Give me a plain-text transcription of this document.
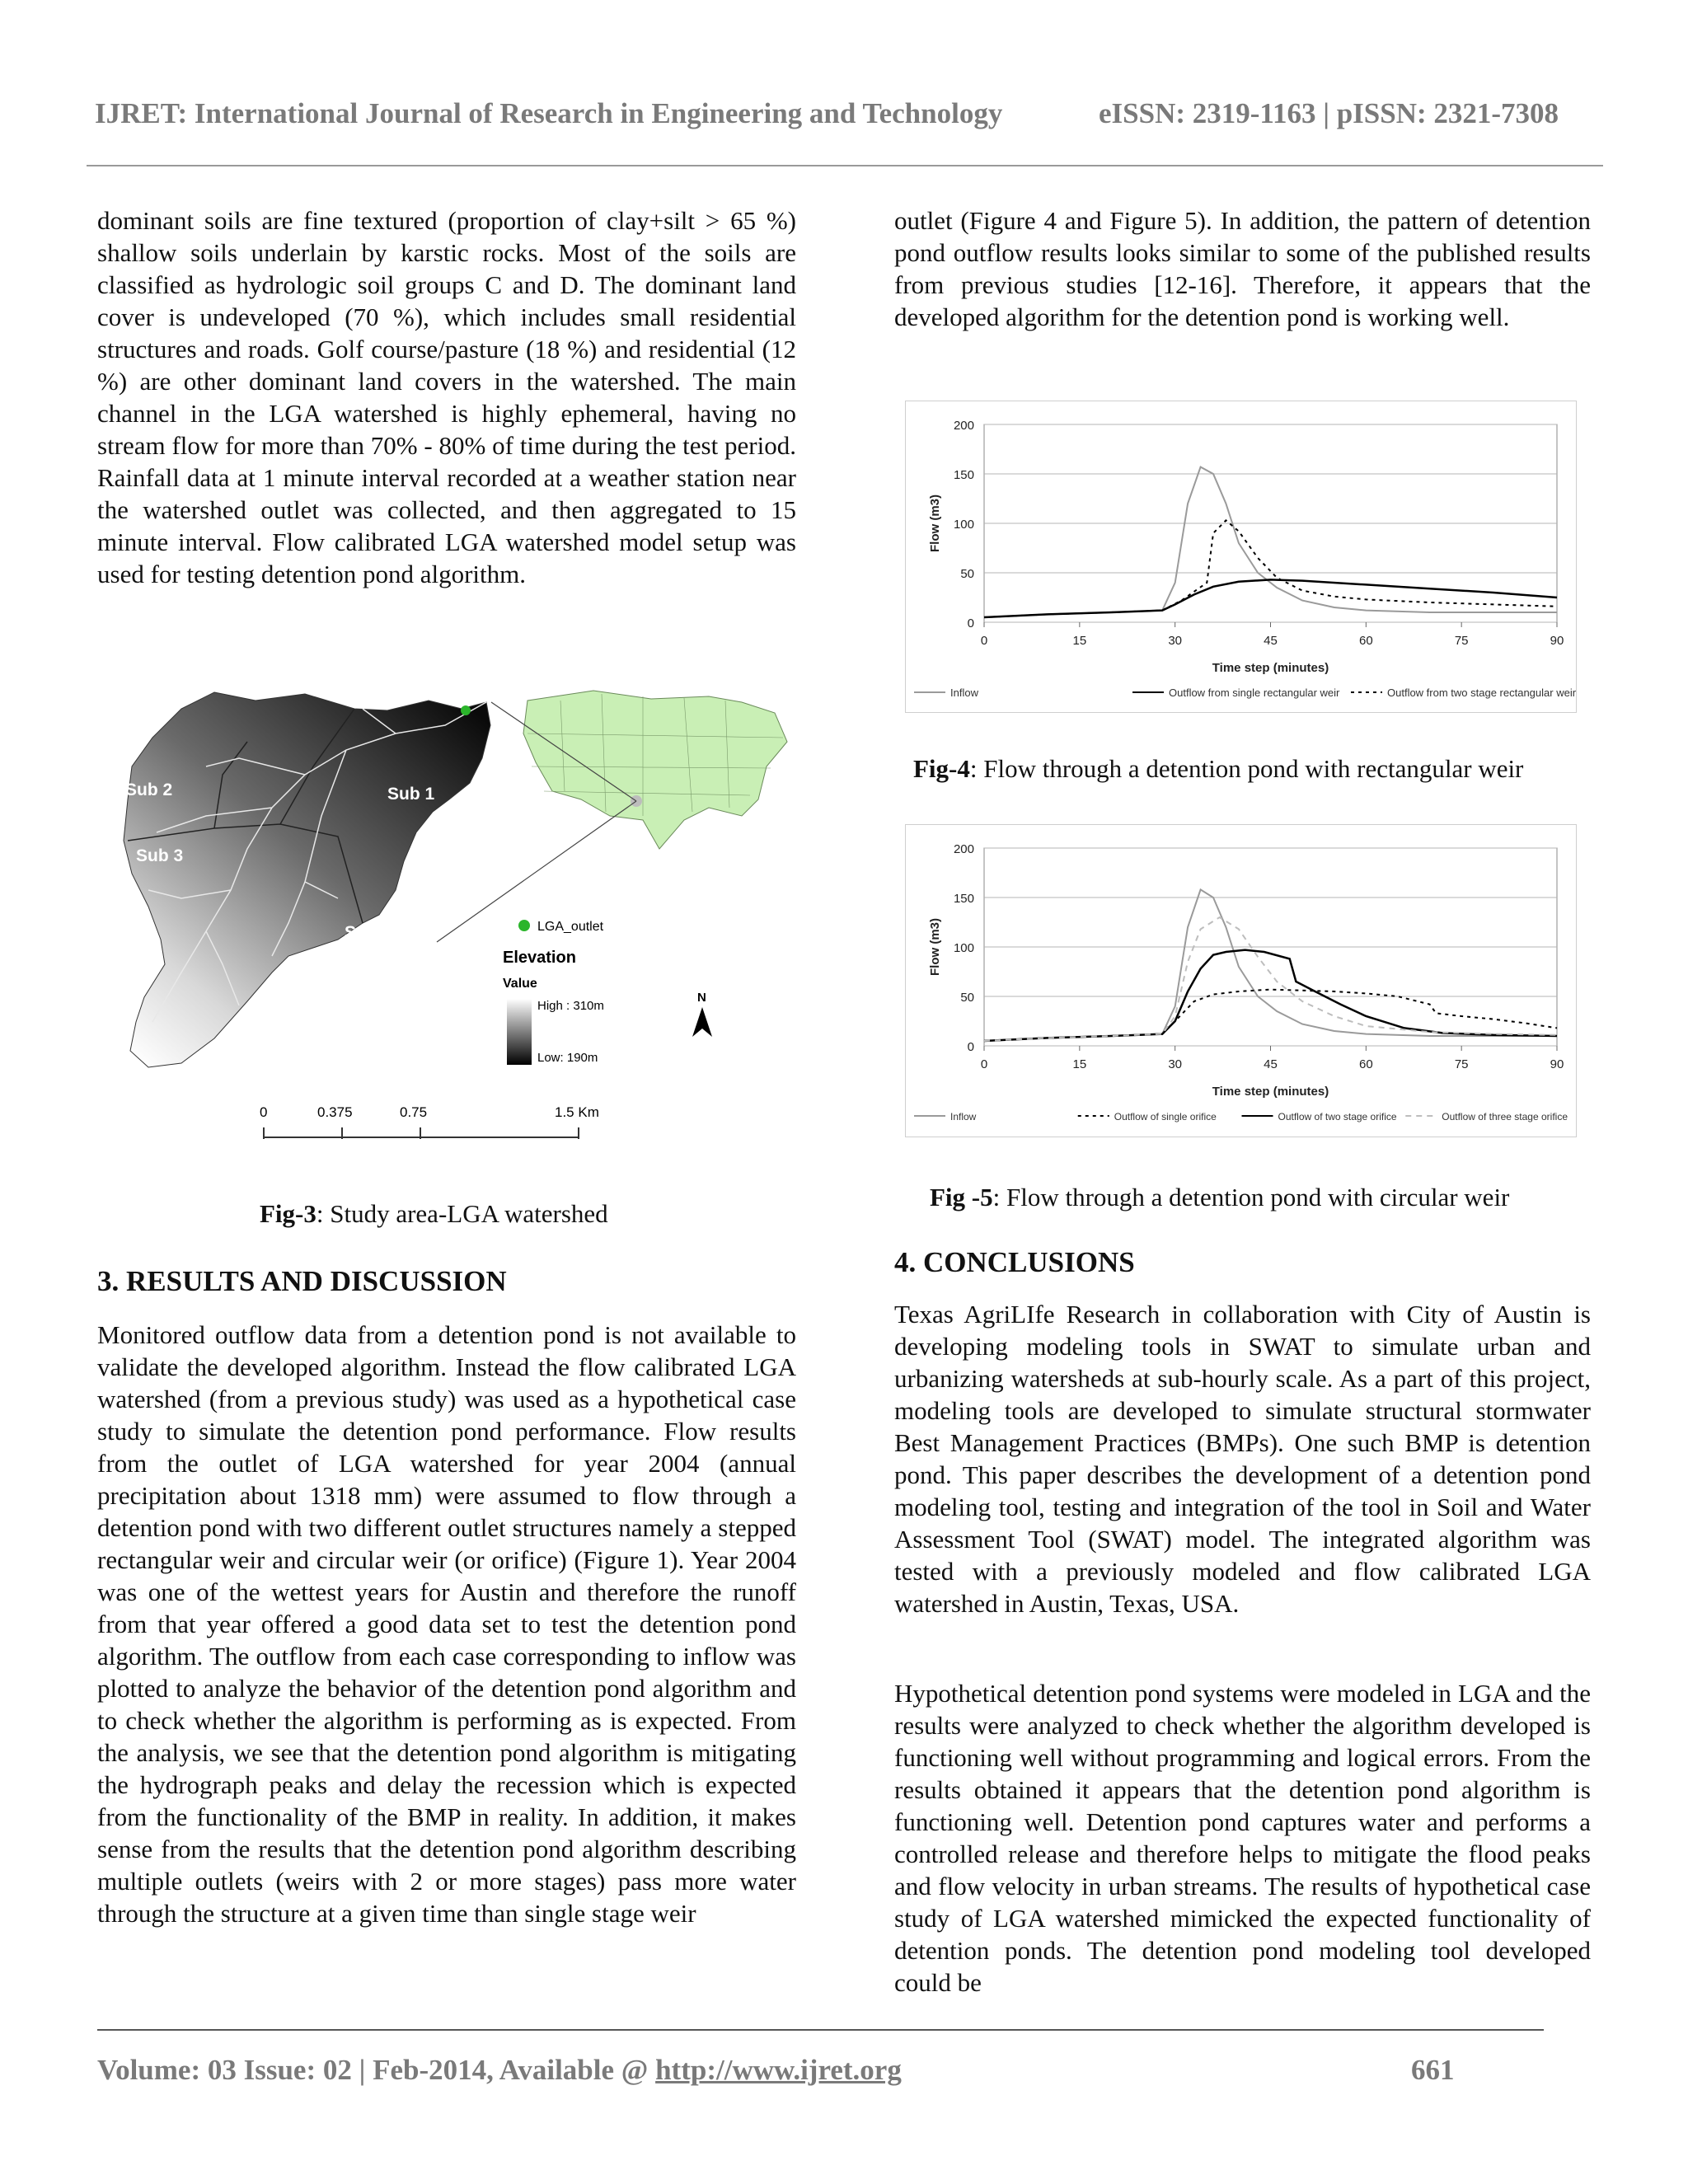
IJRET: International Journal of Research in Engineering and Technology	eISSN: 2319-1163 | pISSN: 2321-7308

dominant soils are fine textured (proportion of clay+silt > 65 %) shallow soils underlain by karstic rocks. Most of the soils are classified as hydrologic soil groups C and D. The dominant land cover is undeveloped (70 %), which includes small residential structures and roads. Golf course/pasture (18 %) and residential (12 %) are other dominant land covers in the watershed. The main channel in the LGA watershed is highly ephemeral, having no stream flow for more than 70% - 80% of time during the test period. Rainfall data at 1 minute interval recorded at a weather station near the watershed outlet was collected, and then aggregated to 15 minute interval. Flow calibrated LGA watershed model setup was used for testing detention pond algorithm.

outlet (Figure 4 and Figure 5). In addition, the pattern of detention pond outflow results looks similar to some of the published results from previous studies [12-16]. Therefore, it appears that the developed algorithm for the detention pond is working well.

Sub 2	Sub 1
Sub 3
Sub 4	LGA_outlet
Elevation
Value
High : 310m
Low: 190m
N
0	0.375	0.75	1.5 Km
Fig-3: Study area-LGA watershed
0
50
100
150
200
0	15	30	45	60	75	90
Time step (minutes)
Flow (m3)
Inflow	Outflow from single rectangular weir	Outflow from two stage rectangular weir
Fig-4: Flow through a detention pond with rectangular weir
0
50
100
150
200
0	15	30	45	60	75	90
Time step (minutes)
Flow (m3)
Inflow	Outflow of single orifice	Outflow of two stage orifice	Outflow of three stage orifice
Fig -5: Flow through a detention pond with circular weir
3. RESULTS AND DISCUSSION

Monitored outflow data from a detention pond is not available to validate the developed algorithm. Instead the flow calibrated LGA watershed (from a previous study) was used as a hypothetical case study to simulate the detention pond performance. Flow results from the outlet of LGA watershed for year 2004 (annual precipitation about 1318 mm) were assumed to flow through a detention pond with two different outlet structures namely a stepped rectangular weir and circular weir (or orifice) (Figure 1). Year 2004 was one of the wettest years for Austin and therefore the runoff from that year offered a good data set to test the detention pond algorithm. The outflow from each case corresponding to inflow was plotted to analyze the behavior of the detention pond algorithm and to check whether the algorithm is performing as is expected. From the analysis, we see that the detention pond algorithm is mitigating the hydrograph peaks and delay the recession which is expected from the functionality of the BMP in reality. In addition, it makes sense from the results that the detention pond algorithm describing multiple outlets (weirs with 2 or more stages) pass more water through the structure at a given time than single stage weir

4. CONCLUSIONS

Texas AgriLIfe Research in collaboration with City of Austin is developing modeling tools in SWAT to simulate urban and urbanizing watersheds at sub-hourly scale. As a part of this project, modeling tools are developed to simulate structural stormwater Best Management Practices (BMPs). One such BMP is detention pond. This paper describes the development of a detention pond modeling tool, testing and integration of the tool in Soil and Water Assessment Tool (SWAT) model. The integrated algorithm was tested with a previously modeled and flow calibrated LGA watershed in Austin, Texas, USA.

Hypothetical detention pond systems were modeled in LGA and the results were analyzed to check whether the algorithm developed is functioning well without programming and logical errors. From the results obtained it appears that the detention pond algorithm is functioning well. Detention pond captures water and performs a controlled release and therefore helps to mitigate the flood peaks and flow velocity in urban streams. The results of hypothetical case study of LGA watershed mimicked the expected functionality of detention ponds. The detention pond modeling tool developed could be

Volume: 03 Issue: 02 | Feb-2014, Available @ http://www.ijret.org	661
